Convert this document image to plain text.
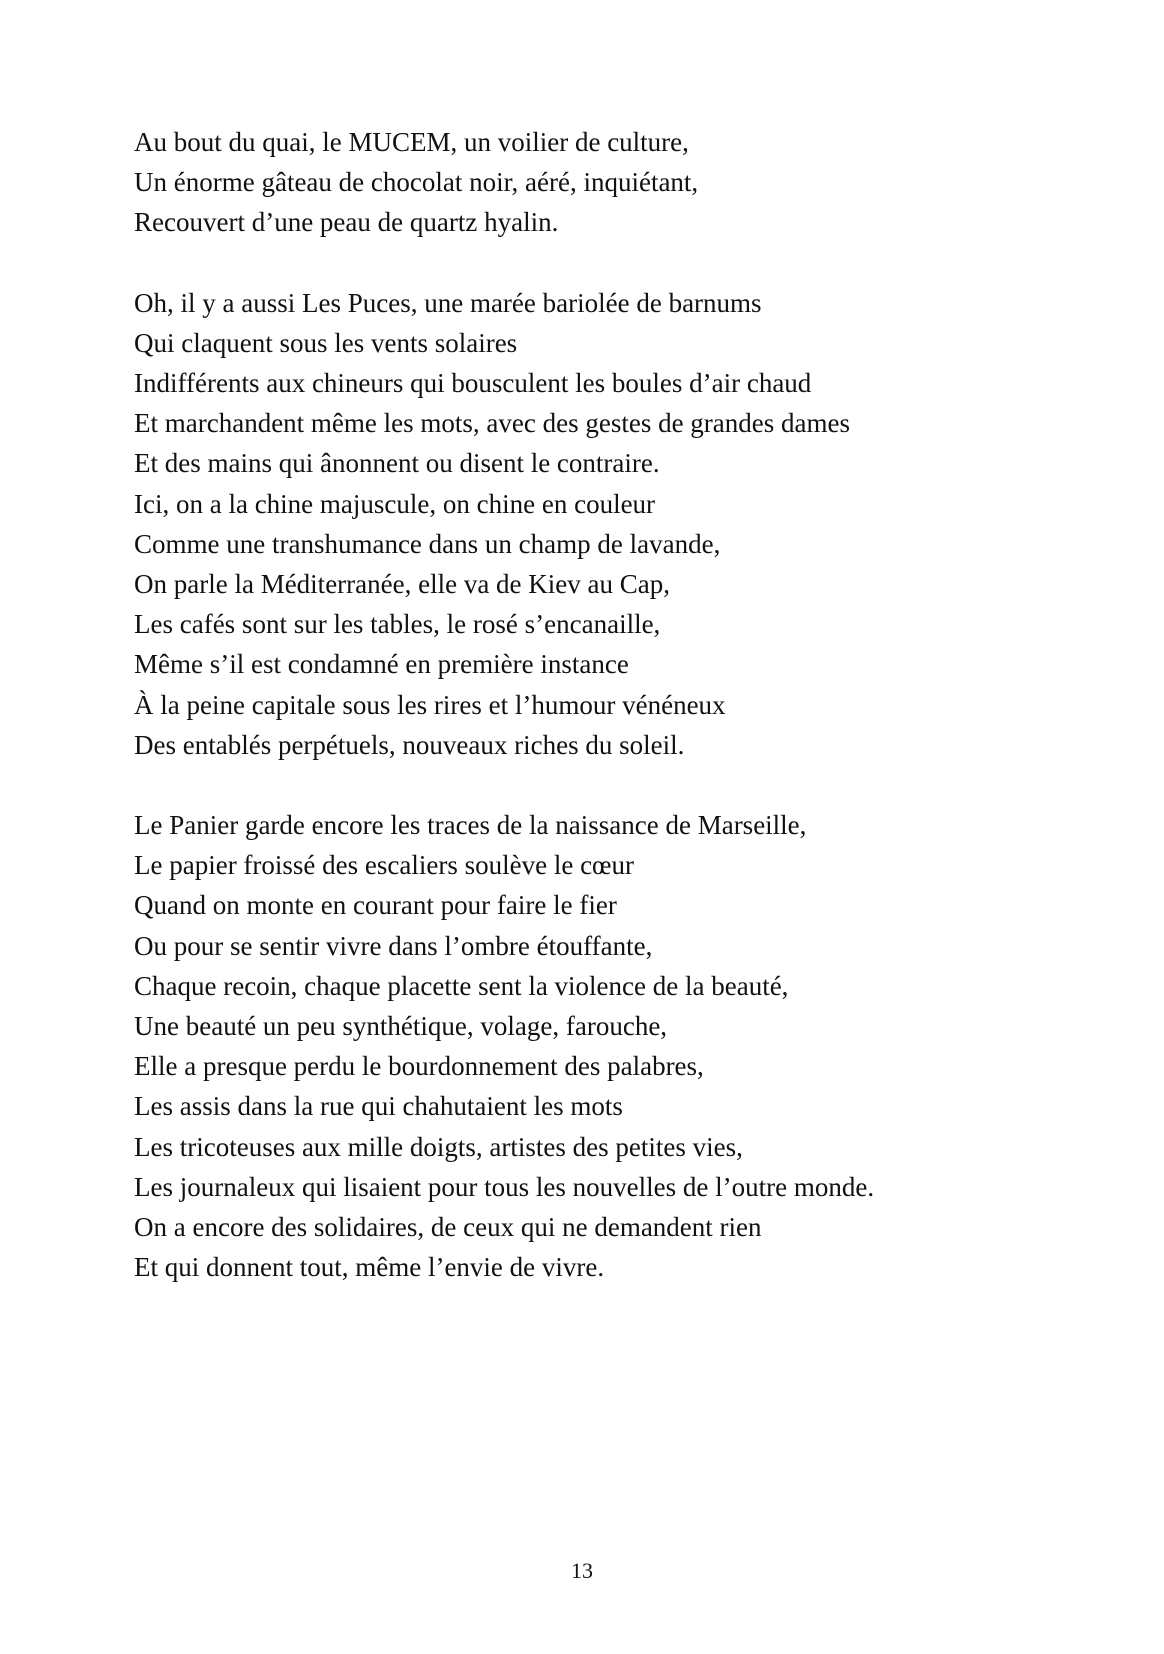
Au bout du quai, le MUCEM, un voilier de culture,
Un énorme gâteau de chocolat noir, aéré, inquiétant,
Recouvert d’une peau de quartz hyalin.
Oh, il y a aussi Les Puces, une marée bariolée de barnums
Qui claquent sous les vents solaires
Indifférents aux chineurs qui bousculent les boules d’air chaud
Et marchandent même les mots, avec des gestes de grandes dames
Et des mains qui ânonnent ou disent le contraire.
Ici, on a la chine majuscule, on chine en couleur
Comme une transhumance dans un champ de lavande,
On parle la Méditerranée, elle va de Kiev au Cap,
Les cafés sont sur les tables, le rosé s’encanaille,
Même s’il est condamné en première instance
À la peine capitale sous les rires et l’humour vénéneux
Des entablés perpétuels, nouveaux riches du soleil.
Le Panier garde encore les traces de la naissance de Marseille,
Le papier froissé des escaliers soulève le cœur
Quand on monte en courant pour faire le fier
Ou pour se sentir vivre dans l’ombre étouffante,
Chaque recoin, chaque placette sent la violence de la beauté,
Une beauté un peu synthétique, volage, farouche,
Elle a presque perdu le bourdonnement des palabres,
Les assis dans la rue qui chahutaient les mots
Les tricoteuses aux mille doigts, artistes des petites vies,
Les journaleux qui lisaient pour tous les nouvelles de l’outre monde.
On a encore des solidaires, de ceux qui ne demandent rien
Et qui donnent tout, même l’envie de vivre.
13
